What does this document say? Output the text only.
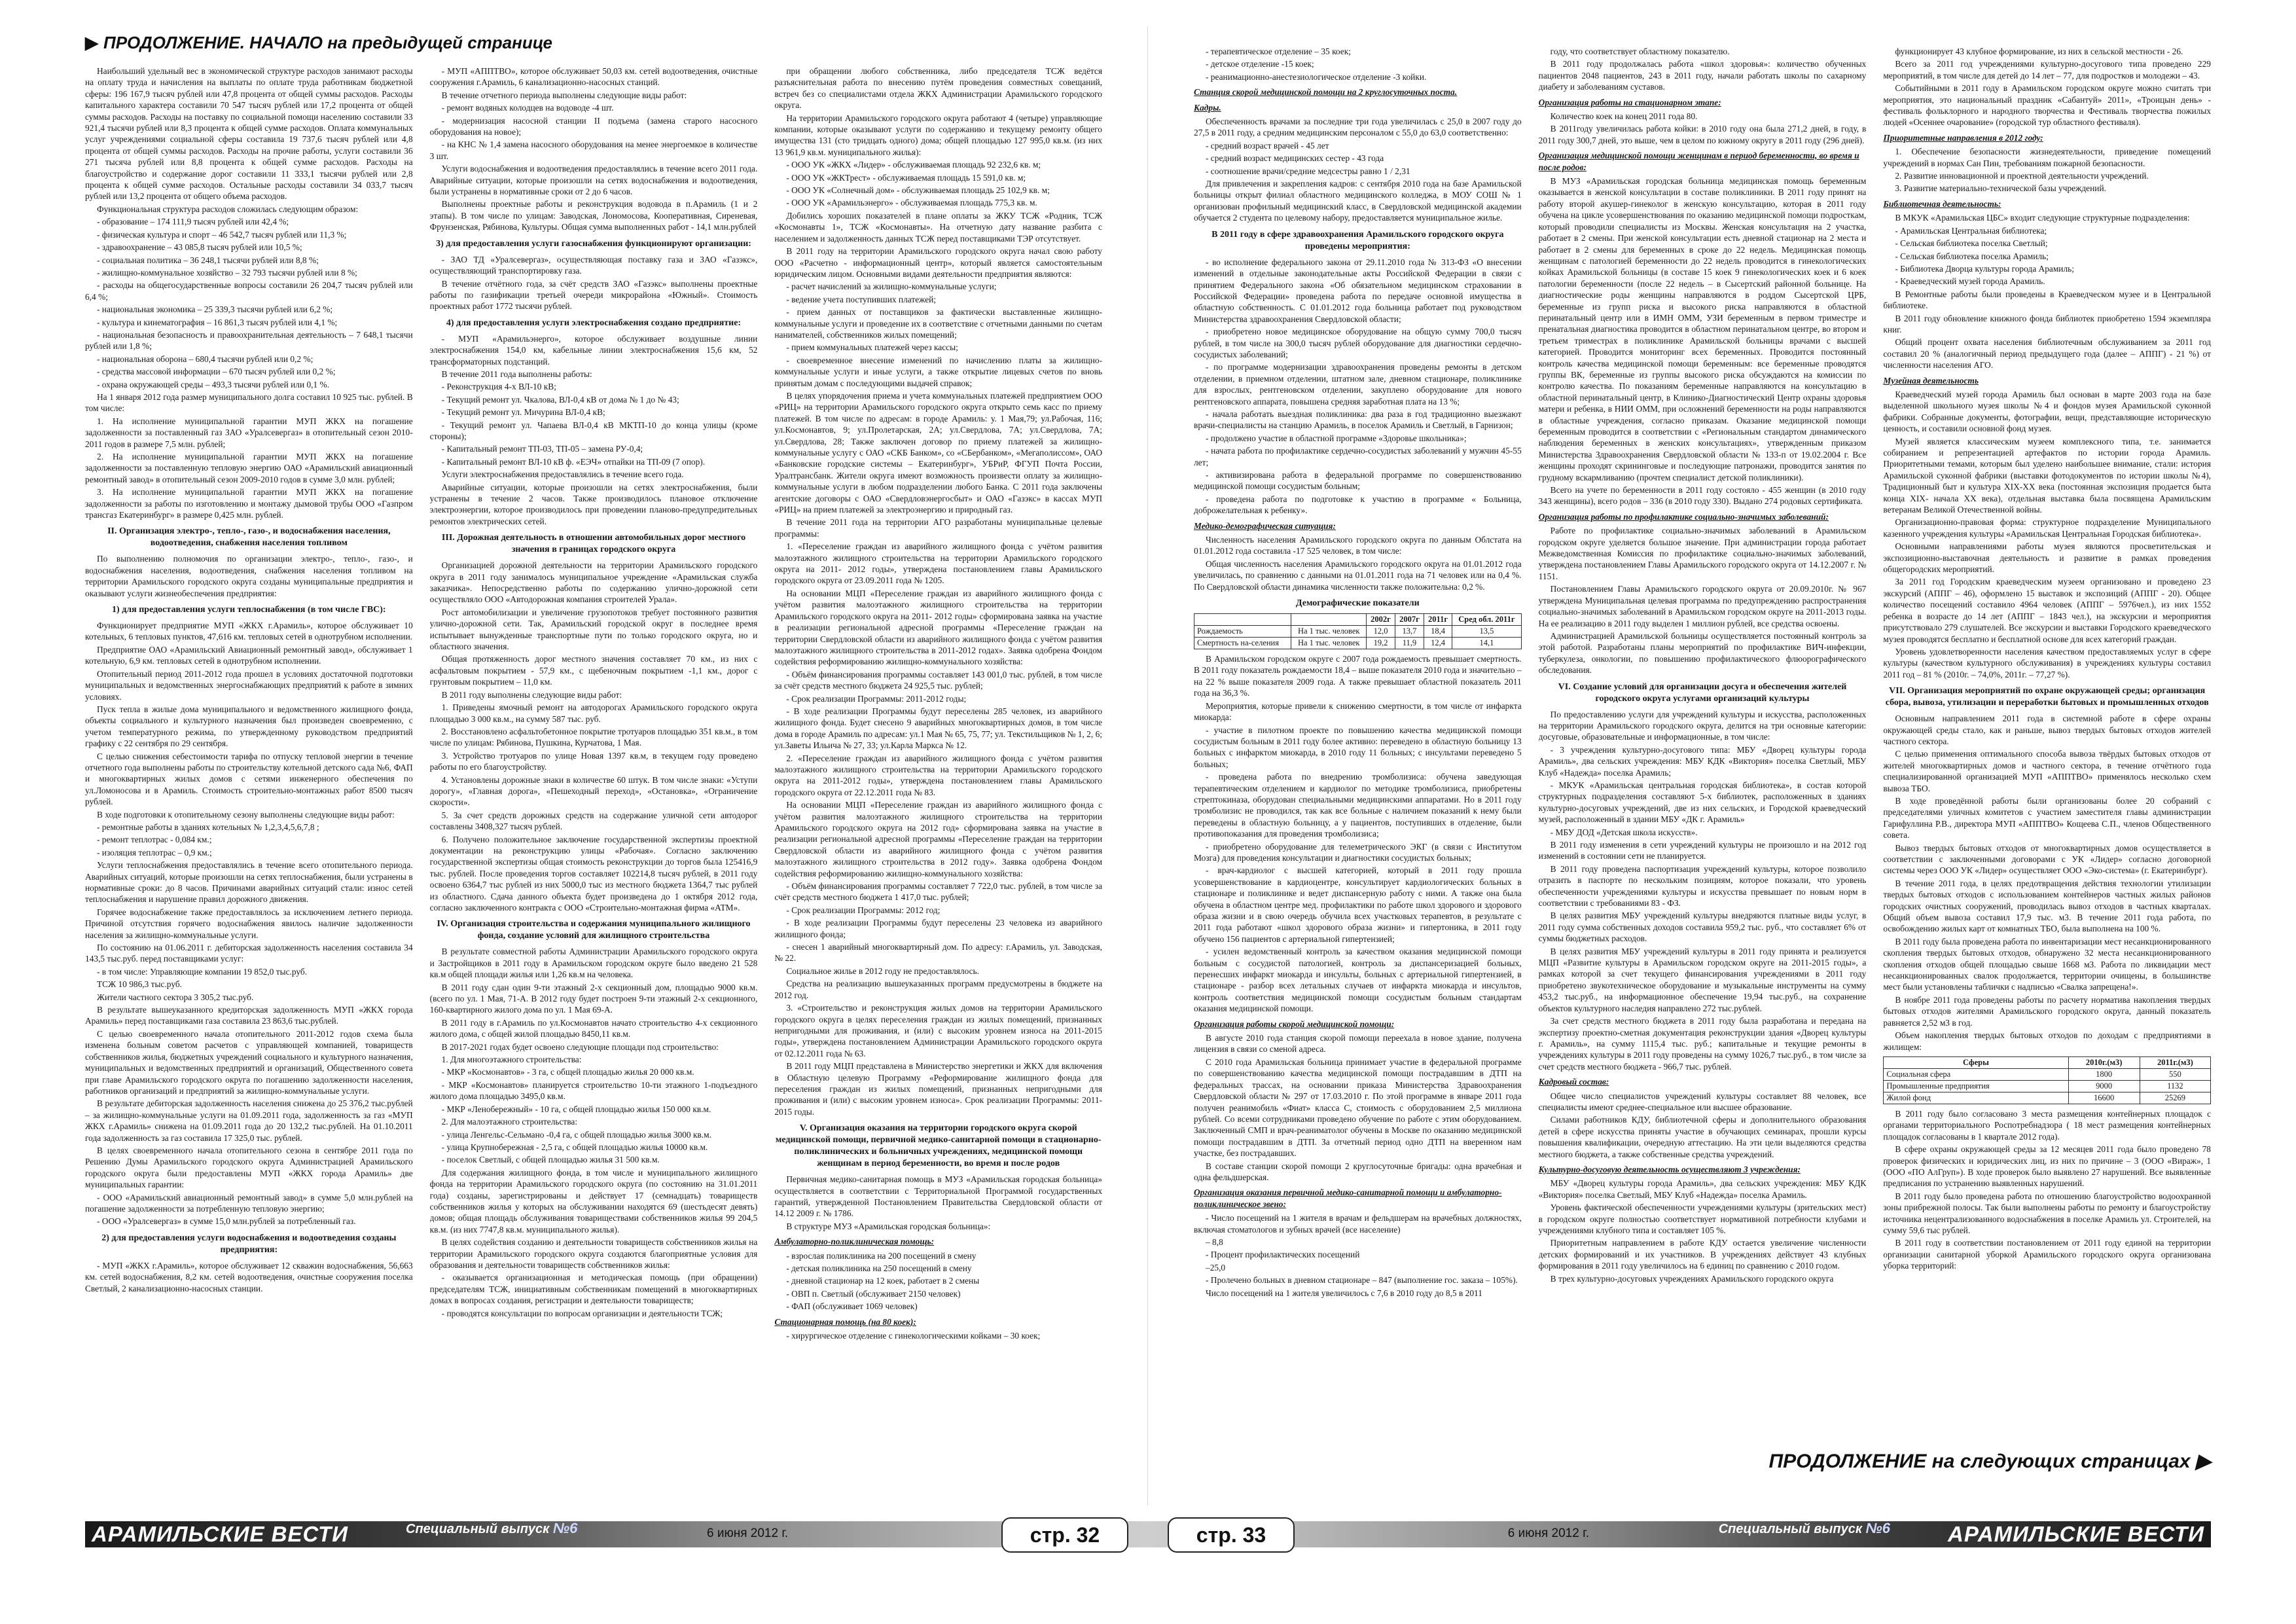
▶ ПРОДОЛЖЕНИЕ. НАЧАЛО на предыдущей странице

Наибольший удельный вес в экономической структуре расходов занимают расходы на оплату труда и начисления на выплаты по оплате труда работникам бюджетной сферы: 196 167,9 тысяч рублей или 47,8 процента от общей суммы расходов. Расходы капитального характера составили 70 547 тысяч рублей или 17,2 процента от общей суммы расходов. Расходы на поставку по социальной помощи населению составили 33 921,4 тысячи рублей или 8,3 процента к общей сумме расходов. Оплата коммунальных услуг учреждениями социальной сферы составила 19 737,6 тысяч рублей или 4,8 процента от общей суммы расходов. Расходы на прочие работы, услуги составили 36 271 тысяча рублей или 8,8 процента к общей сумме расходов. Расходы на благоустройство и содержание дорог составили 11 333,1 тысячи рублей или 2,8 процента к общей сумме расходов. Остальные расходы составили 34 033,7 тысяч рублей или 13,2 процента от общего объема расходов.

Функциональная структура расходов сложилась следующим образом:

- образование – 174 111,9 тысяч рублей или 42,4 %;

- физическая культура и спорт – 46 542,7 тысяч рублей или 11,3 %;

- здравоохранение – 43 085,8 тысяч рублей или 10,5 %;

- социальная политика – 36 248,1 тысячи рублей или 8,8 %;

- жилищно-коммунальное хозяйство – 32 793 тысячи рублей или 8 %;

- расходы на общегосударственные вопросы составили 26 204,7 тысяч рублей или 6,4 %;

- национальная экономика – 25 339,3 тысячи рублей или 6,2 %;

- культура и кинематография – 16 861,3 тысяч рублей или 4,1 %;

- национальная безопасность и правоохранительная деятельность – 7 648,1 тысячи рублей или 1,8 %;

- национальная оборона – 680,4 тысячи рублей или 0,2 %;

- средства массовой информации – 670 тысяч рублей или 0,2 %;

- охрана окружающей среды – 493,3 тысячи рублей или 0,1 %.

На 1 января 2012 года размер муниципального долга составил 10 925 тыс. рублей. В том числе:

1. На исполнение муниципальной гарантии МУП ЖКХ на погашение задолженности за поставленный газ ЗАО «Уралсевергаз» в отопительный сезон 2010-2011 годов в размере 7,5 млн. рублей;

2. На исполнение муниципальной гарантии МУП ЖКХ на погашение задолженности за поставленную тепловую энергию ОАО «Арамильский авиационный ремонтный завод» в отопительный сезон 2009-2010 годов в сумме 3,0 млн. рублей;

3. На исполнение муниципальной гарантии МУП ЖКХ на погашение задолженности за работы по изготовлению и монтажу дымовой трубы ООО «Газпром трансгаз Екатеринбург» в размере 0,425 млн. рублей.

II. Организация электро-, тепло-, газо-, и водоснабжения населения, водоотведения, снабжения населения топливом

По выполнению полномочия по организации электро-, тепло-, газо-, и водоснабжения населения, водоотведения, снабжения населения топливом на территории Арамильского городского округа созданы муниципальные предприятия и оказывают услуги жизнеобеспечения предприятия:

1) для предоставления услуги теплоснабжения (в том числе ГВС):

Функционирует предприятие МУП «ЖКХ г.Арамиль», которое обслуживает 10 котельных, 6 тепловых пунктов, 47,616 км. тепловых сетей в однотрубном исполнении.

Предприятие ОАО «Арамильский Авиационный ремонтный завод», обслуживает 1 котельную, 6,9 км. тепловых сетей в однотрубном исполнении.

Отопительный период 2011-2012 года прошел в условиях достаточной подготовки муниципальных и ведомственных энергоснабжающих предприятий к работе в зимних условиях.

Пуск тепла в жилые дома муниципального и ведомственного жилищного фонда, объекты социального и культурного назначения был произведен своевременно, с учетом температурного режима, по утвержденному руководством предприятий графику с 22 сентября по 29 сентября.

С целью снижения себестоимости тарифа по отпуску тепловой энергии в течение отчетного года выполнены работы по строительству котельной детского сада №6, ФАП и многоквартирных жилых домов с сетями инженерного обеспечения по ул.Ломоносова и в Арамиль. Стоимость строительно-монтажных работ 8500 тысяч рублей.

В ходе подготовки к отопительному сезону выполнены следующие виды работ:

- ремонтные работы в зданиях котельных № 1,2,3,4,5,6,7,8 ;

- ремонт теплотрас - 0,084 км.;

- изоляция теплотрас – 0,9 км.;

Услуги теплоснабжения предоставлялись в течение всего отопительного периода. Аварийных ситуаций, которые произошли на сетях теплоснабжения, были устранены в нормативные сроки: до 8 часов. Причинами аварийных ситуаций стали: износ сетей теплоснабжения и нарушение правил дорожного движения.

Горячее водоснабжение также предоставлялось за исключением летнего периода. Причиной отсутствия горячего водоснабжения явилось наличие задолженности населения за жилищно-коммунальные услуги.

По состоянию на 01.06.2011 г. дебиторская задолженность населения составила 34 143,5 тыс.руб. перед поставщиками услуг:

- в том числе: Управляющие компании 19 852,0 тыс.руб.

ТСЖ 10 986,3 тыс.руб.

Жители частного сектора 3 305,2 тыс.руб.

В результате вышеуказанного кредиторская задолженность МУП «ЖКХ города Арамиль» перед поставщиками газа составила 23 863,6 тыс.рублей.

С целью своевременного начала отопительного 2011-2012 годов схема была изменена больным советом расчетов с управляющей компанией, товариществ собственников жилья, бюджетных учреждений социального и культурного назначения, муниципальных и ведомственных предприятий и организаций, Общественного совета при главе Арамильского городского округа по погашению задолженности населения, работников организаций и предприятий за жилищно-коммунальные услуги.

В результате дебиторская задолженность населения снижена до 25 376,2 тыс.рублей – за жилищно-коммунальные услуги на 01.09.2011 года, задолженность за газ «МУП ЖКХ г.Арамиль» снижена на 01.09.2011 года до 20 132,2 тыс.рублей. На 01.10.2011 года задолженность за газ составила 17 325,0 тыс. рублей.

В целях своевременного начала отопительного сезона в сентябре 2011 года по Решению Думы Арамильского городского округа Администрацией Арамильского городского округа были предоставлены МУП «ЖКХ города Арамиль» две муниципальных гарантии:

- ООО «Арамильский авиационный ремонтный завод» в сумме 5,0 млн.рублей на погашение задолженности за потребленную тепловую энергию;

- ООО «Уралсевергаз» в сумме 15,0 млн.рублей за потребленный газ.

2) для предоставления услуги водоснабжения и водоотведения созданы предприятия:

- МУП «ЖКХ г.Арамиль», которое обслуживает 12 скважин водоснабжения, 56,663 км. сетей водоснабжения, 8,2 км. сетей водоотведения, очистные сооружения поселка Светлый, 2 канализационно-насосных станции.

- МУП «АППТВО», которое обслуживает 50,03 км. сетей водоотведения, очистные сооружения г.Арамиль, 6 канализационно-насосных станций.

В течение отчетного периода выполнены следующие виды работ:

- ремонт водяных колодцев на водоводе -4 шт.

- модернизация насосной станции II подъема (замена старого насосного оборудования на новое);

- на КНС № 1,4 замена насосного оборудования на менее энергоемкое в количестве 3 шт.

Услуги водоснабжения и водоотведения предоставлялись в течение всего 2011 года. Аварийные ситуации, которые произошли на сетях водоснабжения и водоотведения, были устранены в нормативные сроки от 2 до 6 часов.

Выполнены проектные работы и реконструкция водовода в п.Арамиль (1 и 2 этапы). В том числе по улицам: Заводская, Лономосова, Кооперативная, Сиреневая, Фрунзенская, Рябинова, Культуры. Общая сумма выполненных работ - 14,1 млн.рублей

3) для предоставления услуги газоснабжения функционируют организации:

- ЗАО ТД «Уралсевергаз», осуществляющая поставку газа и ЗАО «Газэкс», осуществляющий транспортировку газа.

В течение отчётного года, за счёт средств ЗАО «Газэкс» выполнены проектные работы по газификации третьей очереди микрорайона «Южный». Стоимость проектных работ 1772 тысячи рублей.

4) для предоставления услуги электроснабжения создано предприятие:

- МУП «Арамильэнерго», которое обслуживает воздушные линии электроснабжения 154,0 км, кабельные линии электроснабжения 15,6 км, 52 трансформаторных подстанций.

В течение 2011 года выполнены работы:

- Реконструкция 4-х ВЛ-10 кВ;

- Текущий ремонт ул. Чкалова, ВЛ-0,4 кВ от дома № 1 до № 43;

- Текущий ремонт ул. Мичурина ВЛ-0,4 кВ;

- Текущий ремонт ул. Чапаева ВЛ-0,4 кВ МКТП-10 до конца улицы (кроме стороны);

- Капитальный ремонт ТП-03, ТП-05 – замена РУ-0,4;

- Капитальный ремонт ВЛ-10 кВ ф. «ЕЭЧ» отпайки на ТП-09 (7 опор).

Услуги электроснабжения предоставлялись в течение всего года.

Аварийные ситуации, которые произошли на сетях электроснабжения, были устранены в течение 2 часов. Также производилось плановое отключение электроэнергии, которое производилось при проведении планово-предупредительных ремонтов электрических сетей.

III. Дорожная деятельность в отношении автомобильных дорог местного значения в границах городского округа

Организацией дорожной деятельности на территории Арамильского городского округа в 2011 году занималось муниципальное учреждение «Арамильская служба заказчика». Непосредственно работы по содержанию улично-дорожной сети осуществляло ООО «Автодорожная компания строителей Урала».

Рост автомобилизации и увеличение грузопотоков требует постоянного развития улично-дорожной сети. Так, Арамильский городской округ в последнее время испытывает вынужденные транспортные пути по только городского округа, но и областного значения.

Общая протяженность дорог местного значения составляет 70 км., из них с асфальтовым покрытием - 57,9 км., с щебеночным покрытием -1,1 км., дорог с грунтовым покрытием – 11,0 км.

В 2011 году выполнены следующие виды работ:

1. Приведены ямочный ремонт на автодорогах Арамильского городского округа площадью 3 000 кв.м., на сумму 587 тыс. руб.

2. Восстановлено асфальтобетонное покрытие тротуаров площадью 351 кв.м., в том числе по улицам: Рябинова, Пушкина, Курчатова, 1 Мая.

3. Устройство тротуаров по улице Новая 1397 кв.м, в текущем году проведено работы по его благоустройству.

4. Установлены дорожные знаки в количестве 60 штук. В том числе знаки: «Уступи дорогу», «Главная дорога», «Пешеходный переход», «Остановка», «Ограничение скорости».

5. За счет средств дорожных средств на содержание уличной сети автодорог составлены 3408,327 тысяч рублей.

6. Получено положительное заключение государственной экспертизы проектной документации на реконструкцию улицы «Рабочая». Согласно заключению государственной экспертизы общая стоимость реконструкции до торгов была 125416,9 тыс. рублей. После проведения торгов составляет 102214,8 тысяч рублей, в 2011 году освоено 6364,7 тыс рублей из них 5000,0 тыс из местного бюджета 1364,7 тыс рублей из областного. Сдача данного объекта будет произведена до 1 октября 2012 года, согласно заключенного контракта с ООО «Строительно-монтажная фирма «АТМ».

IV. Организация строительства и содержания муниципального жилищного фонда, создание условий для жилищного строительства

В результате совместной работы Администрации Арамильского городского округа и Застройщиков в 2011 году в Арамильском городском округе было введено 21 528 кв.м общей площади жилья или 1,26 кв.м на человека.

В 2011 году сдан один 9-ти этажный 2-х секционный дом, площадью 9000 кв.м.(всего по ул. 1 Мая, 71-А. В 2012 году будет построен 9-ти этажный 2-х секционного, 160-квартирного жилого дома по ул. 1 Мая 69-А.

В 2011 году в г.Арамиль по ул.Космонавтов начато строительство 4-х секционного жилого дома, с общей жилой площадью 8450,11 кв.м.

В 2017-2021 годах будет освоено следующие площади под строительство:

1. Для многоэтажного строительства:

- МКР «Космонавтов» - 3 га, с общей площадью жилья 20 000 кв.м.

- МКР «Космонавтов» планируется строительство 10-ти этажного 1-подъездного жилого дома площадью 3495,0 кв.м.

- МКР «Ленобережный» - 10 га, с общей площадью жилья 150 000 кв.м.

2. Для малоэтажного строительства:

- улица Ленгельс-Сельмано -0,4 га, с общей площадью жилья 3000 кв.м.

- улица Крупнобережная - 2,5 га, с общей площадью жилья 10000 кв.м.

- поселок Светлый, с общей площадью жилья 31 500 кв.м.

Для содержания жилищного фонда, в том числе и муниципального жилищного фонда на территории Арамильского городского округа (по состоянию на 31.01.2011 года) созданы, зарегистрированы и действует 17 (семнадцать) товариществ собственников жилья у которых на обслуживании находятся 69 (шестьдесят девять) домов; общая площадь обслуживания товариществами собственников жилья 99 204,5 кв.м. (из них 7747,8 кв.м. муниципального жилья).

В целях содействия созданию и деятельности товариществ собственников жилья на территории Арамильского городского округа создаются благоприятные условия для образования и деятельности товариществ собственников жилья:

- оказывается организационная и методическая помощь (при обращении) председателям ТСЖ, инициативным собственникам помещений в многоквартирных домах в вопросах создания, регистрации и деятельности товариществ;

- проводятся консультации по вопросам организации и деятельности ТСЖ;

при обращении любого собственника, либо председателя ТСЖ ведётся разъяснительная работа по внесению путём проведения совместных совещаний, встреч без со специалистами отдела ЖКХ Администрации Арамильского городского округа.

На территории Арамильского городского округа работают 4 (четыре) управляющие компании, которые оказывают услуги по содержанию и текущему ремонту общего имущества 131 (сто тридцать одного) дома; общей площадью 127 995,0 кв.м. (из них 13 961,9 кв.м. муниципального жилья):

- ООО УК «ЖКХ «Лидер» - обслуживаемая площадь 92 232,6 кв. м;

- ООО УК «ЖКТрест» - обслуживаемая площадь 15 591,0 кв. м;

- ООО УК «Солнечный дом» - обслуживаемая площадь 25 102,9 кв. м;

- ООО УК «Арамильэнерго» - обслуживаемая площадь 775,3 кв. м.

Добились хороших показателей в плане оплаты за ЖКУ ТСЖ «Родник, ТСЖ «Космонавты 1», ТСЖ «Космонавты». На отчетную дату название разбита с населением и задолженность данных ТСЖ перед поставщиками ТЭР отсутствует.

В 2011 году на территории Арамильского городского округа начал свою работу ООО «Расчетно - информационный центр», который является самостоятельным юридическим лицом. Основными видами деятельности предприятия являются:

- расчет начислений за жилищно-коммунальные услуги;

- ведение учета поступивших платежей;

- прием данных от поставщиков за фактически выставленные жилищно-коммунальные услуги и проведение их в соответствие с отчетными данными по счетам нанимателей, собственников жилых помещений;

- прием коммунальных платежей через кассы;

- своевременное внесение изменений по начислению платы за жилищно-коммунальные услуги и иные услуги, а также открытие лицевых счетов по вновь принятым домам с последующими выдачей справок;

В целях упорядочения приема и учета коммунальных платежей предприятием ООО «РИЦ» на территории Арамильского городского округа открыто семь касс по приему платежей. В том числе по адресам: в городе Арамиль: у. 1 Мая,79; ул.Рабочая, 116; ул.Космонавтов, 9; ул.Пролетарская, 2А; ул.Свердлова, 7А; ул.Свердлова, 7А; ул.Свердлова, 28; Также заключен договор по приему платежей за жилищно-коммунальные услугу с ОАО «СКБ Банком», со «СБербанком», «Мегаполиссом», ОАО «Банковские городские системы – Екатеринбург», УБРиР, ФГУП Почта России, Уралтрансбанк. Жители округа имеют возможность произвести оплату за жилищно-коммунальные услуги в любом подразделении любого Банка. С 2011 года заключены агентские договоры с ОАО «Свердловэнергосбыт» и ОАО «Газэкс» в кассах МУП «РИЦ» на прием платежей за электроэнергию и природный газ.

В течение 2011 года на территории АГО разработаны муниципальные целевые программы:

1. «Переселение граждан из аварийного жилищного фонда с учётом развития малоэтажного жилищного строительства на территории Арамильского городского округа на 2011- 2012 годы», утверждена постановлением главы Арамильского городского округа от 23.09.2011 года № 1205.

На основании МЦП «Переселение граждан из аварийного жилищного фонда с учётом развития малоэтажного жилищного строительства на территории Арамильского городского округа на 2011- 2012 годы» сформирована заявка на участие в реализации региональной адресной программы «Переселение граждан на территории Свердловской области из аварийного жилищного фонда с учётом развития малоэтажного жилищного строительства в 2011-2012 годах». Заявка одобрена Фондом содействия реформированию жилищно-коммунального хозяйства:

- Объём финансирования программы составляет 143 001,0 тыс. рублей, в том числе за счёт средств местного бюджета 24 925,5 тыс. рублей;

- Срок реализации Программы: 2011-2012 годы;

- В ходе реализации Программы будут переселены 285 человек, из аварийного жилищного фонда. Будет снесено 9 аварийных многоквартирных домов, в том числе дома в городе Арамиль по адресам: ул.1 Мая № 65, 75, 77; ул. Текстильщиков № 1, 2, 6; ул.Заветы Ильича № 27, 33; ул.Карла Маркса № 12.

2. «Переселение граждан из аварийного жилищного фонда с учётом развития малоэтажного жилищного строительства на территории Арамильского городского округа на 2011-2012 годы», утверждена постановлением главы Арамильского городского округа от 22.12.2011 года № 83.

На основании МЦП «Переселение граждан из аварийного жилищного фонда с учётом развития малоэтажного жилищного строительства на территории Арамильского городского округа на 2012 год» сформирована заявка на участие в реализации региональной адресной программы «Переселение граждан на территории Свердловской области из аварийного жилищного фонда с учётом развития малоэтажного жилищного строительства в 2012 году». Заявка одобрена Фондом содействия реформированию жилищно-коммунального хозяйства:

- Объём финансирования программы составляет 7 722,0 тыс. рублей, в том числе за счёт средств местного бюджета 1 417,0 тыс. рублей;

- Срок реализации Программы: 2012 год;

- В ходе реализации Программы будут переселены 23 человека из аварийного жилищного фонда;

- снесен 1 аварийный многоквартирный дом. По адресу: г.Арамиль, ул. Заводская, № 22.

Социальное жилье в 2012 году не предоставлялось.

Средства на реализацию вышеуказанных программ предусмотрены в бюджете на 2012 год.

3. «Строительство и реконструкция жилых домов на территории Арамильского городского округа в целях переселения граждан из жилых помещений, признанных непригодными для проживания, и (или) с высоким уровнем износа на 2011-2015 годы», утверждена постановлением Администрации Арамильского городского округа от 02.12.2011 года № 63.

В 2011 году МЦП представлена в Министерство энергетики и ЖКХ для включения в Областную целевую Программу «Реформирование жилищного фонда для переселения граждан из жилых помещений, признанных непригодными для проживания и (или) с высоким уровнем износа». Срок реализации Программы: 2011- 2015 годы.

V. Организация оказания на территории городского округа скорой медицинской помощи, первичной медико-санитарной помощи в стационарно-поликлинических и больничных учреждениях, медицинской помощи женщинам в период беременности, во время и после родов

Первичная медико-санитарная помощь в МУЗ «Арамильская городская больница» осуществляется в соответствии с Территориальной Программой государственных гарантий, утвержденной Постановлением Правительства Свердловской области от 14.12 2009 г. № 1786.

В структуре МУЗ «Арамильская городская больница»:

Амбулаторно-поликлиническая помощь:

- взрослая поликлиника на 200 посещений в смену

- детская поликлиника на 250 посещений в смену

- дневной стационар на 12 коек, работает в 2 смены

- ОВП п. Светлый (обслуживает 2150 человек)

- ФАП (обслуживает 1069 человек)

Стационарная помощь (на 80 коек):

- хирургическое отделение с гинекологическими койками – 30 коек;

АРАМИЛЬСКИЕ ВЕСТИ	Специальный выпуск №6	6 июня 2012 г.	стр. 32

- терапевтическое отделение – 35 коек;

- детское отделение -15 коек;

- реанимационно-анестезиологическое отделение -3 койки.

Станция скорой медицинской помощи на 2 круглосуточных поста.
Кадры.

Обеспеченность врачами за последние три года увеличилась с 25,0 в 2007 году до 27,5 в 2011 году, а средним медицинским персоналом с 55,0 до 63,0 соответственно:

- средний возраст врачей - 45 лет

- средний возраст медицинских сестер - 43 года

- соотношение врачи/средние медсестры равно 1 / 2,31

Для привлечения и закрепления кадров: с сентября 2010 года на базе Арамильской больницы открыт филиал областного медицинского колледжа, в МОУ СОШ № 1 организован профильный медицинский класс, в Свердловской медицинской академии обучается 2 студента по целевому набору, предоставляется муниципальное жилье.

В 2011 году в сфере здравоохранения Арамильского городского округа проведены мероприятия:

- во исполнение федерального закона от 29.11.2010 года № 313-ФЗ «О внесении изменений в отдельные законодательные акты Российской Федерации в связи с принятием Федерального закона «Об обязательном медицинском страховании в Российской Федерации» проведена работа по передаче основной имущества в областную собственность. С 01.01.2012 года больница работает под руководством Министерства здравоохранения Свердловской области;

- приобретено новое медицинское оборудование на общую сумму 700,0 тысяч рублей, в том числе на 300,0 тысяч рублей оборудование для диагностики сердечно-сосудистых заболеваний;

- по программе модернизации здравоохранения проведены ремонты в детском отделении, в приемном отделении, штатном зале, дневном стационаре, поликлинике для взрослых, рентгеновском отделении, закуплено оборудование для нового рентгеновского аппарата, повышена средняя заработная плата на 13 %;

- начала работать выездная поликлиника: два раза в год традиционно выезжают врачи-специалисты на станцию Арамиль, в поселок Арамиль и Светлый, в Гарнизон;

- продолжено участие в областной программе «Здоровье школьника»;

- начата работа по профилактике сердечно-сосудистых заболеваний у мужчин 45-55 лет;

- активизирована работа в федеральной программе по совершенствованию медицинской помощи сосудистым больным;

- проведена работа по подготовке к участию в программе « Больница, доброжелательная к ребенку».

Медико-демографическая ситуация:

Численность населения Арамильского городского округа по данным Облстата на 01.01.2012 года составила -17 525 человек, в том числе:

Общая численность населения Арамильского городского округа на 01.01.2012 года увеличилась, по сравнению с данными на 01.01.2011 года на 71 человек или на 0,4 %. По Свердловской области динамика численности также положительна: 0,2 %.

Демографические показатели
		2002г	2007г	2011г	Сред обл. 2011г
Рождаемость	На 1 тыс. человек	12,0	13,7	18,4	13,5
Смертность на-селения	На 1 тыс. человек	19,2	11,9	12,4	14,1

В Арамильском городском округе с 2007 года рождаемость превышает смертность. В 2011 году показатель рождаемости 18,4 – выше показателя 2010 года и значительно – на 22 % выше показателя 2009 года. А также превышает областной показатель 2011 года на 36,3 %.

Мероприятия, которые привели к снижению смертности, в том числе от инфаркта миокарда:

- участие в пилотном проекте по повышению качества медицинской помощи сосудистым больным в 2011 году более активно: переведено в областную больницу 13 больных с инфарктом миокарда, в 2010 году 11 больных; с инсультами переведено 5 больных;

- проведена работа по внедрению тромболизиса: обучена заведующая терапевтическим отделением и кардиолог по методике тромболизиса, приобретены стрептокиназа, оборудован специальными медицинскими аппаратами. Но в 2011 году тромболизис не проводился, так как все больные с наличием показаний к нему были переведены в областную больницу, а у пациентов, поступивших в отделение, были противопоказания для проведения тромболизиса;

- приобретено оборудование для телеметрического ЭКГ (в связи с Институтом Мозга) для проведения консультации и диагностики сосудистых больных;

- врач-кардиолог с высшей категорией, который в 2011 году прошла усовершенствование в кардиоцентре, консультирует кардиологических больных в стационаре и поликлинике и ведет диспансерную работу с ними. А также она была обучена в областном центре мед. профилактики по работе школ здорового и здорового образа жизни и в свою очередь обучила всех участковых терапевтов, в результате с 2011 года работают «школ здорового образа жизни» и гипертоника, в 2011 году обучено 156 пациентов с артериальной гипертензией;

- усилен ведомственный контроль за качеством оказания медицинской помощи больным с сосудистой патологией, контроль за диспансеризацией больных, перенесших инфаркт миокарда и инсульты, больных с артериальной гипертензией, в стационаре - разбор всех летальных случаев от инфаркта миокарда и инсультов, контроль соответствия медицинской помощи сосудистым больным стандартам оказания медицинской помощи.

Организация работы скорой медицинской помощи:

В августе 2010 года станция скорой помощи переехала в новое здание, получена лицензия в связи со сменой адреса.

С 2010 года Арамильская больница принимает участие в федеральной программе по совершенствованию качества медицинской помощи пострадавшим в ДТП на федеральных трассах, на основании приказа Министерства Здравоохранения Свердловской области № 297 от 17.03.2010 г. По этой программе в январе 2011 года получен реанимобиль «Фиат» класса С, стоимость с оборудованием 2,5 миллиона рублей. Со всеми сотрудниками проведено обучение по работе с этим оборудованием. Заключенный СМП и врач-реаниматолог обучены в Москве по оказанию медицинской помощи пострадавшим в ДТП. За отчетный период одно ДТП на вверенном нам участке, без пострадавших.

В составе станции скорой помощи 2 круглосуточные бригады: одна врачебная и одна фельдшерская.

Организация оказания первичной медико-санитарной помощи и амбулаторно-поликлиническое звено:

- Число посещений на 1 жителя в врачам и фельдшерам на врачебных должностях, включая стоматологов и зубных врачей (все население)

– 8,8

- Процент профилактических посещений

–25,0

- Пролечено больных в дневном стационаре – 847 (выполнение гос. заказа – 105%).

Число посещений на 1 жителя увеличилось с 7,6 в 2010 году до 8,5 в 2011

году, что соответствует областному показателю.

В 2011 году продолжалась работа «школ здоровья»: количество обученных пациентов 2048 пациентов, 243 в 2011 году, начали работать школы по сахарному диабету и заболеваниям суставов.

Организация работы на стационарном этапе:

Количество коек на конец 2011 года 80.

В 2011году увеличилась работа койки: в 2010 году она была 271,2 дней, в году, в 2011 году 300,7 дней, это выше, чем в целом по южному округу в 2011 году (296 дней).

Организация медицинской помощи женщинам в период беременности, во время и после родов:

В МУЗ «Арамильская городская больница медицинская помощь беременным оказывается в женской консультации в составе поликлиники. В 2011 году принят на работу второй акушер-гинеколог в женскую консультацию, которая в 2011 году обучена на цикле усовершенствования по оказанию медицинской помощи подросткам, который проводили специалисты из Москвы. Женская консультация на 2 участка, работает в 2 смены. При женской консультации есть дневной стационар на 2 места и работает в 2 смены для беременных в сроке до 22 недель. Медицинская помощь женщинам с патологией беременности до 22 недель проводится в гинекологических койках Арамильской больницы (в составе 15 коек 9 гинекологических коек и 6 коек патологии беременности (после 22 недель – в Сысертский районной больнице. На диагностические роды женщины направляются в роддом Сысертской ЦРБ, беременные из групп риска и высокого риска направляются в областной перинатальный центр или в ИМН ОММ, УЗИ беременным в первом триместре и пренатальная диагностика проводится в областном перинатальном центре, во втором и третьем триместрах в поликлинике Арамильской больницы врачами с высшей категорией. Проводится мониторинг всех беременных. Проводится постоянный контроль качества медицинской помощи беременным: все беременные проводятся группы ВК, беременные из группы высокого риска обсуждаются на комиссии по контролю качества. По показаниям беременные направляются на консультацию в областной перинатальный центр, в Клинико-Диагностический Центр охраны здоровья матери и ребенка, в НИИ ОММ, при осложнений беременности на роды направляются в областные учреждения, согласно приказам. Оказание медицинской помощи беременным проводится в соответствии с «Региональным стандартом динамического наблюдения беременных в женских консультациях», утвержденным приказом Министерства Здравоохранения Свердловской области № 133-п от 19.02.2004 г. Все женщины проходят скрининговые и последующие патронажи, проводится занятия по грудному вскармливанию (прочтем специалист детской поликлиники).

Всего на учете по беременности в 2011 году состояло - 455 женщин (в 2010 году 343 женщины), всего родов – 336 (в 2010 году 330). Выдано 274 родовых сертификата.

Организация работы по профилактике социально-значимых заболеваний:

Работе по профилактике социально-значимых заболеваний в Арамильском городском округе уделяется большое значение. При администрации города работает Межведомственная Комиссия по профилактике социально-значимых заболеваний, утверждена постановлением Главы Арамильского городского округа от 14.12.2007 г. № 1151.

Постановлением Главы Арамильского городского округа от 20.09.2010г. № 967 утверждена Муниципальная целевая программа по предупреждению распространения социально-значимых заболеваний в Арамильском городском округе на 2011-2013 годы. На ее реализацию в 2011 году выделен 1 миллион рублей, все средства освоены.

Администрацией Арамильской больницы осуществляется постоянный контроль за этой работой. Разработаны планы мероприятий по профилактике ВИЧ-инфекции, туберкулеза, онкологии, по повышению профилактического флюорографического обследования.

VI. Создание условий для организации досуга и обеспечения жителей городского округа услугами организаций культуры

По предоставлению услуги для учреждений культуры и искусства, расположенных на территории Арамильского городского округа, делится на три основные категории: досуговые, образовательные и информационные, в том числе:

- 3 учреждения культурно-досугового типа: МБУ «Дворец культуры города Арамиль», два сельских учреждения: МБУ КДК «Виктория» поселка Светлый, МБУ Клуб «Надежда» поселка Арамиль;

- МКУК «Арамильская центральная городская библиотека», в состав которой структурных подразделения составляют 5-х библиотек, расположенных в зданиях культурно-досуговых учреждений, две из них сельских, и Городской краеведческий музей, расположенный в здании МБУ «ДК г. Арамиль»

- МБУ ДОД «Детская школа искусств».

В 2011 году изменения в сети учреждений культуры не произошло и на 2012 год изменений в состоянии сети не планируется.

В 2011 году проведена паспортизация учреждений культуры, которое позволило отразить в паспорте по нескольким позициям, которое показали, что уровень обеспеченности учреждениями культуры и искусства превышает по новым норм в соответствии с требованиями 83 - ФЗ.

В целях развития МБУ учреждений культуры внедряются платные виды услуг, в 2011 году сумма собственных доходов составила 959,2 тыс. руб., что составляет 6% от суммы бюджетных расходов.

В целях развития МБУ учреждений культуры в 2011 году принята и реализуется МЦП «Развитие культуры в Арамильском городском округе на 2011-2015 годы», а рамках которой за счет текущего финансирования учреждениями в 2011 году приобретено звукотехническое оборудование и музыкальные инструменты на сумму 453,2 тыс.руб., на информационное обеспечение 19,94 тыс.руб., на сохранение объектов культурного наследия направлено 272 тыс.рублей.

За счет средств местного бюджета в 2011 году была разработана и передана на экспертизу проектно-сметная документация реконструкции здания «Дворец культуры г. Арамиль», на сумму 1115,4 тыс. руб.; капитальные и текущие ремонты в учреждениях культуры в 2011 году проведены на сумму 1026,7 тыс.руб., в том числе за счет средств местного бюджета - 966,7 тыс. рублей.

Кадровый состав:

Общее число специалистов учреждений культуры составляет 88 человек, все специалисты имеют среднее-специальное или высшее образование.

Силами работников КДУ, библиотечной сферы и дополнительного образования детей в сфере искусства приняты участие в обучающих семинарах, прошли курсы повышения квалификации, очередную аттестацию. На эти цели выделяются средства местного бюджета, а также собственные средства учреждений.

Культурно-досуговую деятельность осуществляют 3 учреждения:

МБУ «Дворец культуры города Арамиль», два сельских учреждения: МБУ КДК «Виктория» поселка Светлый, МБУ Клуб «Надежда» поселка Арамиль.

Уровень фактической обеспеченности учреждениями культуры (зрительских мест) в городском округе полностью соответствует нормативной потребности клубами и учреждениями клубного типа и составляет 105 %.

Приоритетным направлением в работе КДУ остается увеличение численности детских формирований и их участников. В учреждениях действует 43 клубных формирования в 2011 году увеличилось на 6 единиц по сравнению с 2010 годом.

В трех культурно-досуговых учреждениях Арамильского городского округа

функционирует 43 клубное формирование, из них в сельской местности - 26.

Всего за 2011 год учреждениями культурно-досугового типа проведено 229 мероприятий, в том числе для детей до 14 лет – 77, для подростков и молодежи – 43.

Событийными в 2011 году в Арамильском городском округе можно считать три мероприятия, это национальный праздник «Сабантуй» 2011», «Троицын день» - фестиваль фольклорного и народного творчества и Фестиваль творчества пожилых людей «Осеннее очарование» (городской тур областного фестиваля).

Приоритетные направления в 2012 году:

1. Обеспечение безопасности жизнедеятельности, приведение помещений учреждений в нормах Сан Пин, требованиям пожарной безопасности.

2. Развитие инновационной и проектной деятельности учреждений.

3. Развитие материально-технической базы учреждений.

Библиотечная деятельность:

В МКУК «Арамильская ЦБС» входит следующие структурные подразделения:

- Арамильская Центральная библиотека;

- Сельская библиотека поселка Светлый;

- Сельская библиотека поселка Арамиль;

- Библиотека Дворца культуры города Арамиль;

- Краеведческий музей города Арамиль.

В Ремонтные работы были проведены в Краеведческом музее и в Центральной библиотеке.

В 2011 году обновление книжного фонда библиотек приобретено 1594 экземпляра книг.

Общий процент охвата населения библиотечным обслуживанием за 2011 год составил 20 % (аналогичный период предыдущего года (далее – АППГ) - 21 %) от численности населения АГО.

Музейная деятельность

Краеведческий музей города Арамиль был основан в марте 2003 года на базе выделенной школьного музея школы №4 и фондов музея Арамильской суконной фабрики. Собранные документы, фотографии, вещи, представляющие историческую ценность, и составили основной фонд музея.

Музей является классическим музеем комплексного типа, т.е. занимается собиранием и репрезентацией артефактов по истории города Арамиль. Приоритетными темами, которым был уделено наибольшее внимание, стали: история Арамильской суконной фабрики (выставки фотодокументов по истории школы №4), Традиционный быт и культура XIX-XX века (постоянная экспозиция продается быта конца XIX- начала XX века), отдельная выставка была посвящена Арамильским ветеранам Великой Отечественной войны.

Организационно-правовая форма: структурное подразделение Муниципального казенного учреждения культуры «Арамильская Центральная Городская библиотека».

Основными направлениями работы музея являются просветительская и экспозиционно-выставочная деятельность и развитие в рамках проведения общегородских мероприятий.

За 2011 год Городским краеведческим музеем организовано и проведено 23 экскурсий (АППГ – 46), оформлено 15 выставок и экспозиций (АППГ - 20). Общее количество посещений составило 4964 человек (АППГ – 5976чел.), из них 1552 ребенка в возрасте до 14 лет (АППГ – 1843 чел.), на экскурсии и мероприятия присутствовало 279 слушателей. Все экскурсии и выставки Городского краеведческого музея проводятся бесплатно и бесплатной основе для всех категорий граждан.

Уровень удовлетворенности населения качеством предоставляемых услуг в сфере культуры (качеством культурного обслуживания) в учреждениях культуры составил 2011 год – 81 % (2010г. – 74,0%, 2011г. – 77,27 %).

VII. Организация мероприятий по охране окружающей среды; организация сбора, вывоза, утилизации и переработки бытовых и промышленных отходов

Основным направлением 2011 года в системной работе в сфере охраны окружающей среды стало, как и раньше, вывоз твердых бытовых отходов жителей частного сектора.

С целью применения оптимального способа вывоза твёрдых бытовых отходов от жителей многоквартирных домов и частного сектора, в течение отчётного года специализированной организацией МУП «АППТВО» применялось несколько схем вывоза ТБО.

В ходе проведённой работы были организованы более 20 собраний с председателями уличных комитетов с участием заместителя главы администрации Гарифуллина Р.В., директора МУП «АППТВО» Кощеева С.П., членов Общественного совета.

Вывоз твердых бытовых отходов от многоквартирных домов осуществляется в соответствии с заключенными договорами с УК «Лидер» согласно договорной системы через ООО УК «Лидер» осуществляет ООО «Эко-система» (г. Екатеринбург).

В течение 2011 года, в целях предотвращения действия технологии утилизации твердых бытовых отходов с использованием контейнеров частных жилых районов городских очистных сооружений, проводилась вывоз отходов в частных кварталах. Общий объем вывоза составил 17,9 тыс. м3. В течение 2011 года работа, по освобождению жилых карт от комнатных ТБО, была выполнена на 100 %.

В 2011 году была проведена работа по инвентаризации мест несанкционированного скопления твердых бытовых отходов, обнаружено 32 места несанкционированного скопления отходов общей площадью свыше 1668 м3. Работа по ликвидации мест несанкционированных свалок продолжается, территории очищены, в большинстве мест были установлены таблички с надписью «Свалка запрещена!».

В ноябре 2011 года проведены работы по расчету норматива накопления твердых бытовых отходов жителями Арамильского городского округа, данный показатель равняется 2,52 м3 в год.

Объем накопления твердых бытовых отходов по доходам с предприятиями в жилищем:

Сферы	2010г.(м3)	2011г.(м3)
Социальная сфера	1800	550
Промышленные предприятия	9000	1132
Жилой фонд	16600	25269

В 2011 году было согласовано 3 места размещения контейнерных площадок с органами территориального Роспотребнадзора ( 18 мест размещения контейнерных площадок согласованы в 1 квартале 2012 года).

В сфере охраны окружающей среды за 12 месяцев 2011 года было проведено 78 проверок физических и юридических лиц, из них по причине – 3 (ООО «Вираж», 1 (ООО «ПО АлГруп»). В ходе проверок было выявлено 27 нарушений. Все выявленные предписания по устранению выявленных нарушений.

В 2011 году было проведена работа по отношению благоустройство водоохранной зоны прибрежной полосы. Так были выполнены работы по ремонту и благоустройству источника нецентрализованного водоснабжения в поселке Арамиль ул. Строителей, на сумму 59,6 тыс рублей.

В 2011 году в соответствии постановлением от 2011 году единой на территории организации санитарной уборкой Арамильского городского округа организована уборка территорий:

ПРОДОЛЖЕНИЕ на следующих страницах ▶
стр. 33	6 июня 2012 г.	Специальный выпуск №6	АРАМИЛЬСКИЕ ВЕСТИ
